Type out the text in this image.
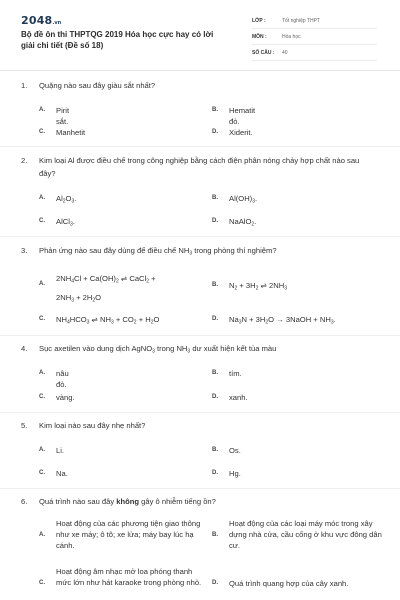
2048.vn
Bộ đề ôn thi THPTQG 2019 Hóa học cực hay có lời giải chi tiết (Đề số 18)
LỚP :	Tốt nghiệp THPT
MÔN :	Hóa học
SỐ CÂU :	40
1. Quặng nào sau đây giàu sắt nhất?
A. Pirit sắt.
B. Hematit đỏ.
C. Manhetit	D. Xiderit.
2. Kim loại Al được điều chế trong công nghiệp bằng cách điện phân nóng chảy hợp chất nào sau đây?
A. $Al_2O_3$.	B. $Al(OH)_3$.
C. AlCl$_3$.	D. NaAlO$_2$.
3. Phản ứng nào sau đây dùng để điều chế $NH_3$ trong phòng thí nghiệm?
A.
$2NH_4Cl + Ca(OH)_2$ ⇌ CaCl$_2$ +
$2NH_3 + 2H_2O$
B. $N_2 + 3H_2$ ⇌ $2NH_3$
C. $NH_4HCO_3$ ⇌ $NH_3 + CO_2 + H_2O$	D. $Na_3N + 3H_2O$ → 3NaOH + $NH_3$.
4. Sục axetilen vào dung dịch AgNO$_3$ trong $NH_3$ dư xuất hiện kết tủa màu
A. nâu đỏ.
B. tím.
C. vàng.	D. xanh.
5. Kim loại nào sau đây nhẹ nhất?
A. Li.	B. Os.
C. Na.	D. Hg.
6. Quá trình nào sau đây không gây ô nhiễm tiếng ồn?
A.
Hoạt động của các phương tiện giao thông như xe máy; ô tô; xe lửa; máy bay lúc hạ cánh.
B.
Hoạt động của các loại máy móc trong xây dựng nhà cửa, cầu cống ở khu vực đông dân cư.
C.
Hoạt động âm nhạc mở loa phóng thanh mức lớn như hát karaoke trong phòng nhỏ.	D. Quá trình quang hợp của cây xanh.
